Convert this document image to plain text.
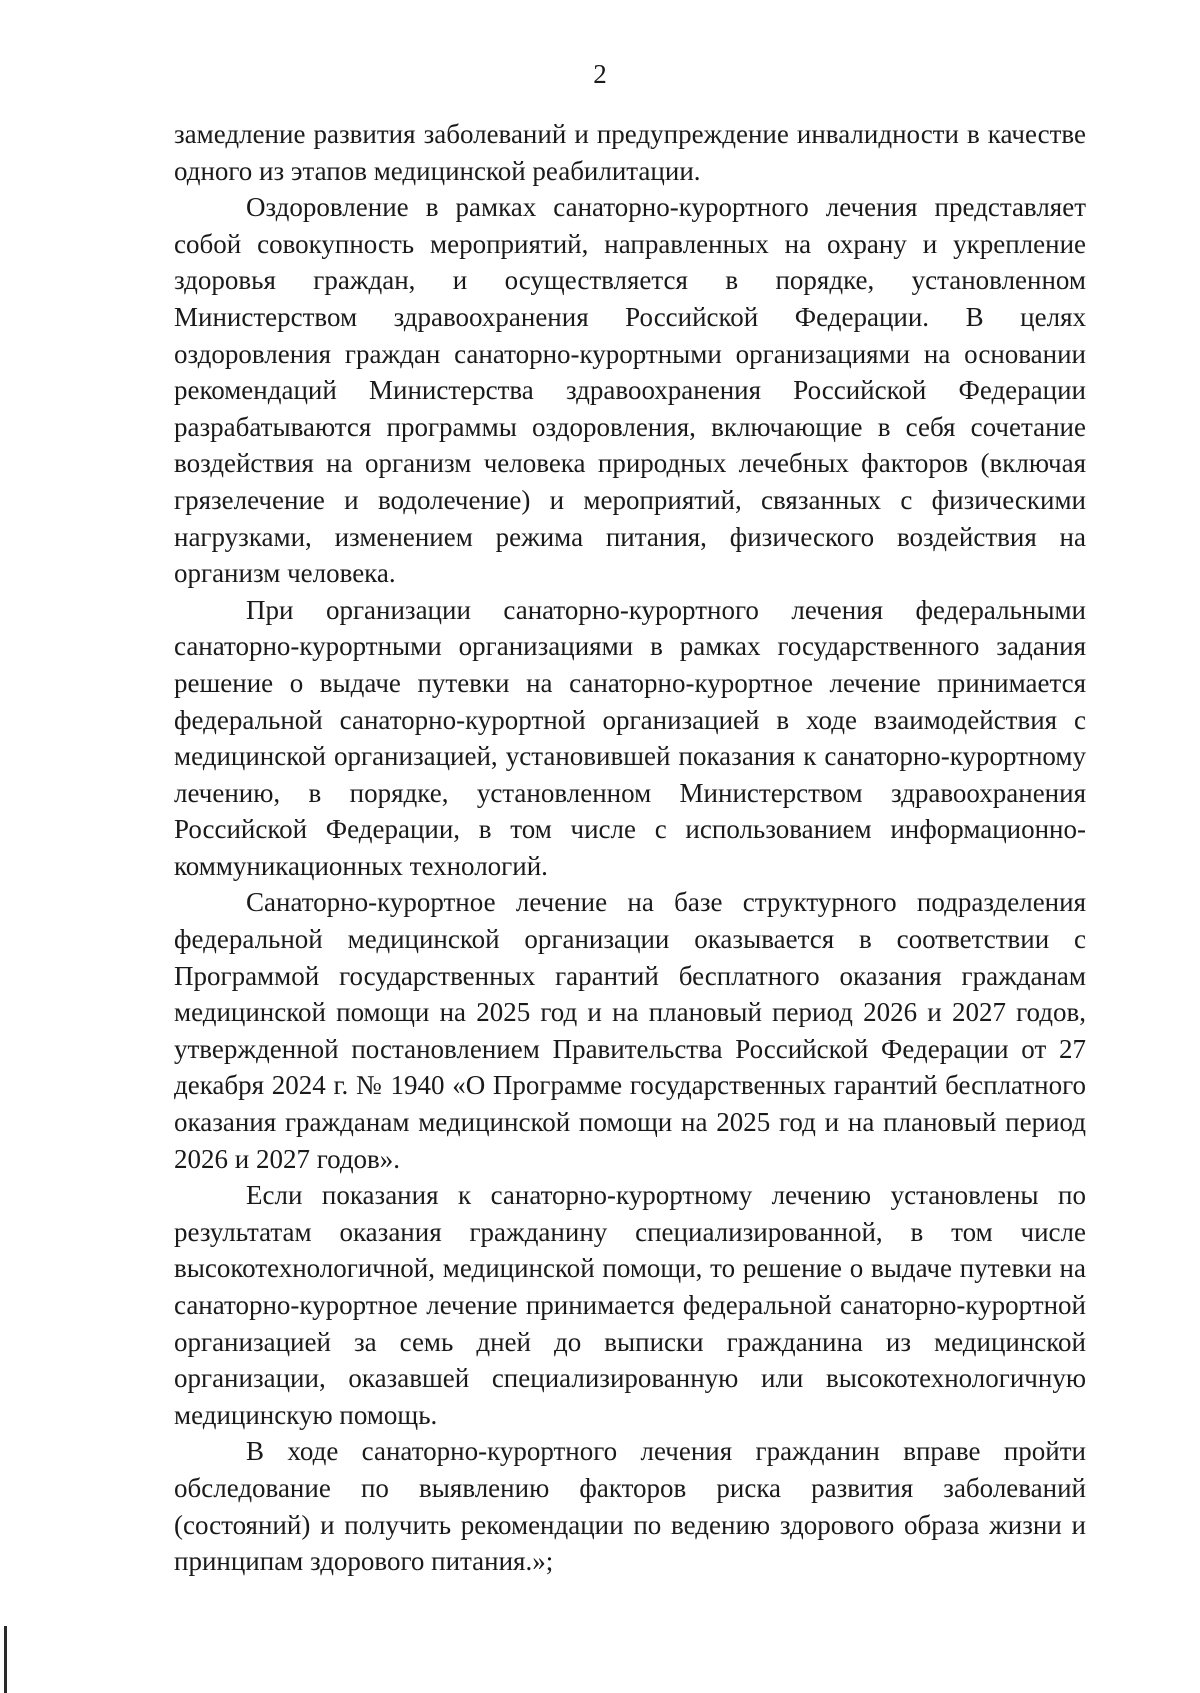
2

замедление развития заболеваний и предупреждение инвалидности в качестве одного из этапов медицинской реабилитации.

Оздоровление в рамках санаторно-курортного лечения представляет собой совокупность мероприятий, направленных на охрану и укрепление здоровья граждан, и осуществляется в порядке, установленном Министерством здравоохранения Российской Федерации. В целях оздоровления граждан санаторно-курортными организациями на основании рекомендаций Министерства здравоохранения Российской Федерации разрабатываются программы оздоровления, включающие в себя сочетание воздействия на организм человека природных лечебных факторов (включая грязелечение и водолечение) и мероприятий, связанных с физическими нагрузками, изменением режима питания, физического воздействия на организм человека.

При организации санаторно-курортного лечения федеральными санаторно-курортными организациями в рамках государственного задания решение о выдаче путевки на санаторно-курортное лечение принимается федеральной санаторно-курортной организацией в ходе взаимодействия с медицинской организацией, установившей показания к санаторно-курортному лечению, в порядке, установленном Министерством здравоохранения Российской Федерации, в том числе с использованием информационно-коммуникационных технологий.

Санаторно-курортное лечение на базе структурного подразделения федеральной медицинской организации оказывается в соответствии с Программой государственных гарантий бесплатного оказания гражданам медицинской помощи на 2025 год и на плановый период 2026 и 2027 годов, утвержденной постановлением Правительства Российской Федерации от 27 декабря 2024 г. № 1940 «О Программе государственных гарантий бесплатного оказания гражданам медицинской помощи на 2025 год и на плановый период 2026 и 2027 годов».

Если показания к санаторно-курортному лечению установлены по результатам оказания гражданину специализированной, в том числе высокотехнологичной, медицинской помощи, то решение о выдаче путевки на санаторно-курортное лечение принимается федеральной санаторно-курортной организацией за семь дней до выписки гражданина из медицинской организации, оказавшей специализированную или высокотехнологичную медицинскую помощь.

В ходе санаторно-курортного лечения гражданин вправе пройти обследование по выявлению факторов риска развития заболеваний (состояний) и получить рекомендации по ведению здорового образа жизни и принципам здорового питания.»;
